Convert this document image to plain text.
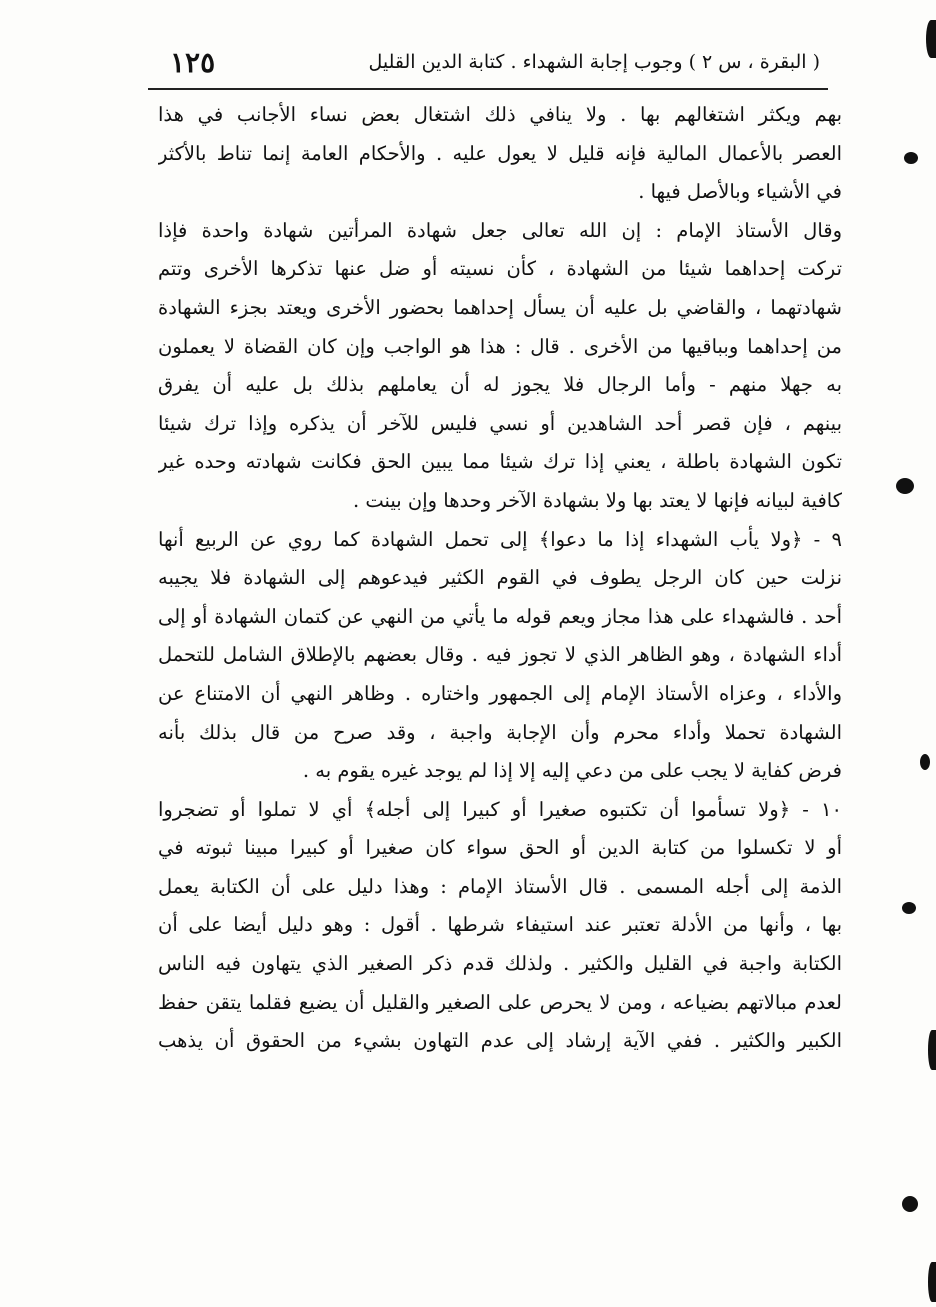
( البقرة ، س ٢ ) وجوب إجابة الشهداء . كتابة الدين القليل
١٢٥

بهم ويكثر اشتغالهم بها . ولا ينافي ذلك اشتغال بعض نساء الأجانب في هذا
العصر بالأعمال المالية فإنه قليل لا يعول عليه . والأحكام العامة إنما تناط بالأكثر
في الأشياء وبالأصل فيها .

وقال الأستاذ الإمام : إن الله تعالى جعل شهادة المرأتين شهادة واحدة فإذا
تركت إحداهما شيئا من الشهادة ، كأن نسيته أو ضل عنها تذكرها الأخرى وتتم
شهادتهما ، والقاضي بل عليه أن يسأل إحداهما بحضور الأخرى ويعتد بجزء الشهادة
من إحداهما وبباقيها من الأخرى . قال : هذا هو الواجب وإن كان القضاة لا يعملون
به جهلا منهم - وأما الرجال فلا يجوز له أن يعاملهم بذلك بل عليه أن يفرق
بينهم ، فإن قصر أحد الشاهدين أو نسي فليس للآخر أن يذكره وإذا ترك شيئا
تكون الشهادة باطلة ، يعني إذا ترك شيئا مما يبين الحق فكانت شهادته وحده غير
كافية لبيانه فإنها لا يعتد بها ولا بشهادة الآخر وحدها وإن بينت .

٩ - ﴿ولا يأب الشهداء إذا ما دعوا﴾ إلى تحمل الشهادة كما روي عن الربيع أنها
نزلت حين كان الرجل يطوف في القوم الكثير فيدعوهم إلى الشهادة فلا يجيبه
أحد . فالشهداء على هذا مجاز ويعم قوله ما يأتي من النهي عن كتمان الشهادة أو إلى
أداء الشهادة ، وهو الظاهر الذي لا تجوز فيه . وقال بعضهم بالإطلاق الشامل للتحمل
والأداء ، وعزاه الأستاذ الإمام إلى الجمهور واختاره . وظاهر النهي أن الامتناع عن
الشهادة تحملا وأداء محرم وأن الإجابة واجبة ، وقد صرح من قال بذلك بأنه
فرض كفاية لا يجب على من دعي إليه إلا إذا لم يوجد غيره يقوم به .

١٠ - ﴿ولا تسأموا أن تكتبوه صغيرا أو كبيرا إلى أجله﴾ أي لا تملوا أو تضجروا
أو لا تكسلوا من كتابة الدين أو الحق سواء كان صغيرا أو كبيرا مبينا ثبوته في
الذمة إلى أجله المسمى . قال الأستاذ الإمام : وهذا دليل على أن الكتابة يعمل
بها ، وأنها من الأدلة تعتبر عند استيفاء شرطها . أقول : وهو دليل أيضا على أن
الكتابة واجبة في القليل والكثير . ولذلك قدم ذكر الصغير الذي يتهاون فيه الناس
لعدم مبالاتهم بضياعه ، ومن لا يحرص على الصغير والقليل أن يضيع فقلما يتقن حفظ
الكبير والكثير . ففي الآية إرشاد إلى عدم التهاون بشيء من الحقوق أن يذهب
